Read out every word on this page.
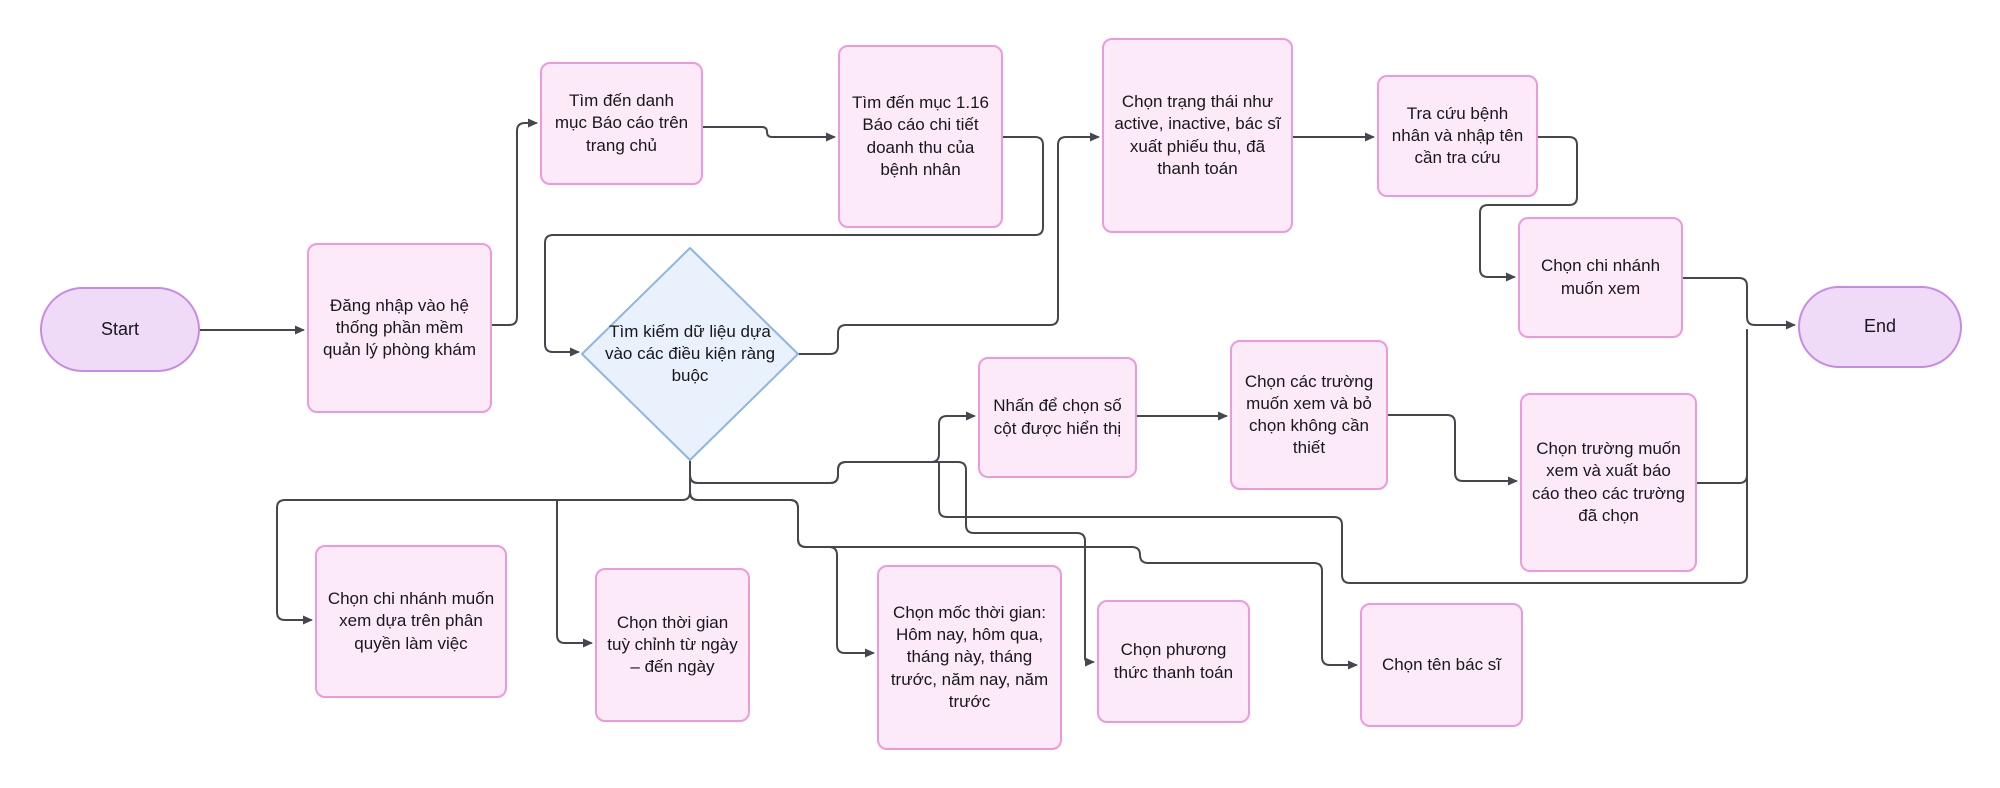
Start
Đăng nhập vào hệ thống phần mềm quản lý phòng khám
Tìm đến danh mục Báo cáo trên trang chủ
Tìm đến mục 1.16 Báo cáo chi tiết doanh thu của bệnh nhân
Chọn trạng thái như active, inactive, bác sĩ xuất phiếu thu, đã thanh toán
Tra cứu bệnh nhân và nhập tên cần tra cứu
Chọn chi nhánh muốn xem
End
Tìm kiếm dữ liệu dựa vào các điều kiện ràng buộc
Nhấn để chọn số cột được hiển thị
Chọn các trường muốn xem và bỏ chọn không cần thiết	Chọn trường muốn xem và xuất báo cáo theo các trường đã chọn
Chọn chi nhánh muốn xem dựa trên phân quyền làm việc
Chọn thời gian tuỳ chỉnh từ ngày – đến ngày
Chọn mốc thời gian: Hôm nay, hôm qua, tháng này, tháng trước, năm nay, năm trước
Chọn phương thức thanh toán	Chọn tên bác sĩ
